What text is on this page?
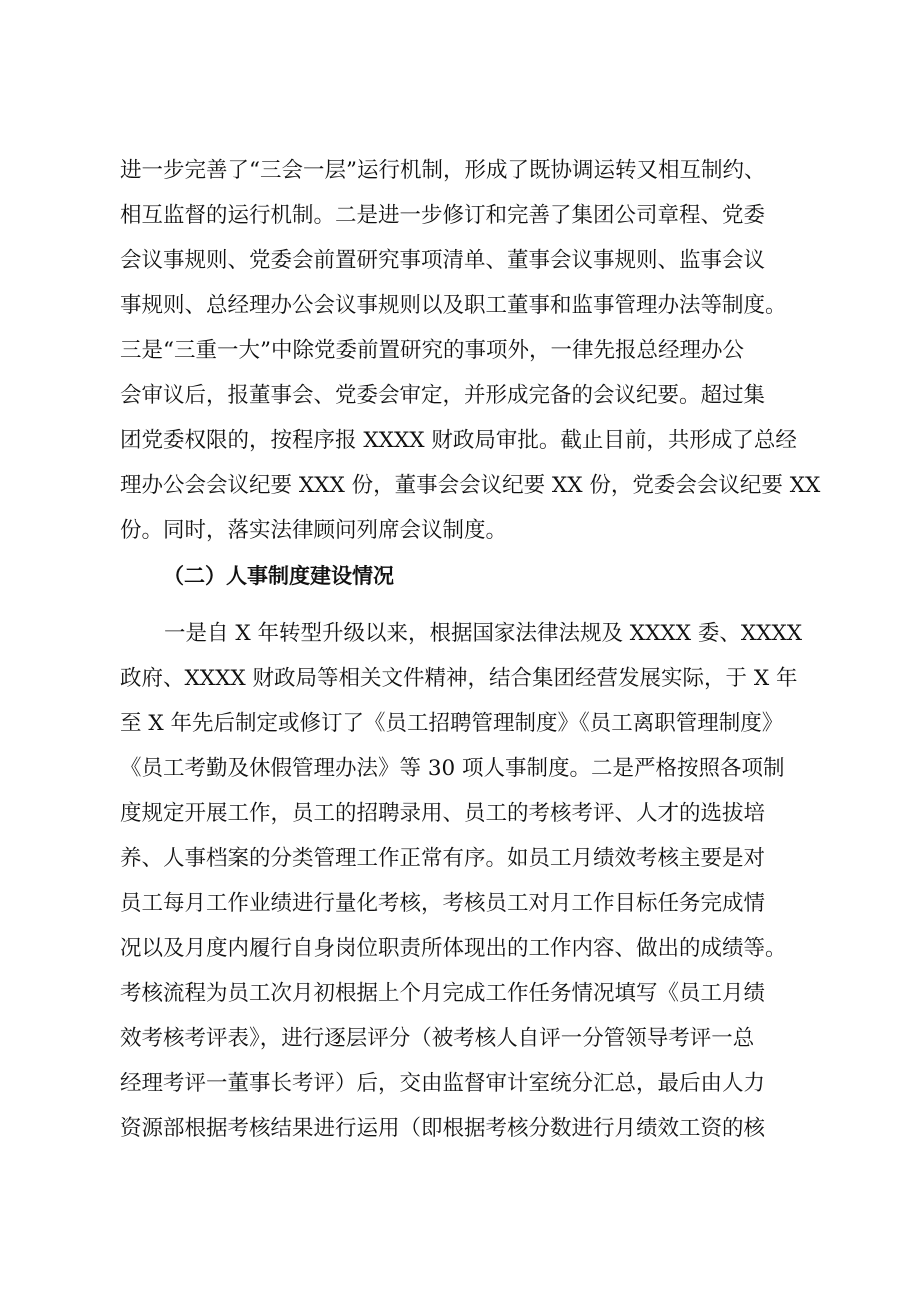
进一步完善了“三会一层”运行机制，形成了既协调运转又相互制约、
相互监督的运行机制。二是进一步修订和完善了集团公司章程、党委
会议事规则、党委会前置研究事项清单、董事会议事规则、监事会议
事规则、总经理办公会议事规则以及职工董事和监事管理办法等制度。
三是“三重一大”中除党委前置研究的事项外，一律先报总经理办公
会审议后，报董事会、党委会审定，并形成完备的会议纪要。超过集
团党委权限的，按程序报 XXXX 财政局审批。截止目前，共形成了总经
理办公会会议纪要 XXX 份，董事会会议纪要 XX 份，党委会会议纪要 XX
份。同时，落实法律顾问列席会议制度。
（二）人事制度建设情况
一是自 X 年转型升级以来，根据国家法律法规及 XXXX 委、XXXX
政府、XXXX 财政局等相关文件精神，结合集团经营发展实际，于 X 年
至 X 年先后制定或修订了《员工招聘管理制度》《员工离职管理制度》
《员工考勤及休假管理办法》等 30 项人事制度。二是严格按照各项制
度规定开展工作，员工的招聘录用、员工的考核考评、人才的选拔培
养、人事档案的分类管理工作正常有序。如员工月绩效考核主要是对
员工每月工作业绩进行量化考核，考核员工对月工作目标任务完成情
况以及月度内履行自身岗位职责所体现出的工作内容、做出的成绩等。
考核流程为员工次月初根据上个月完成工作任务情况填写《员工月绩
效考核考评表》，进行逐层评分（被考核人自评一分管领导考评一总
经理考评一董事长考评）后，交由监督审计室统分汇总，最后由人力
资源部根据考核结果进行运用（即根据考核分数进行月绩效工资的核
